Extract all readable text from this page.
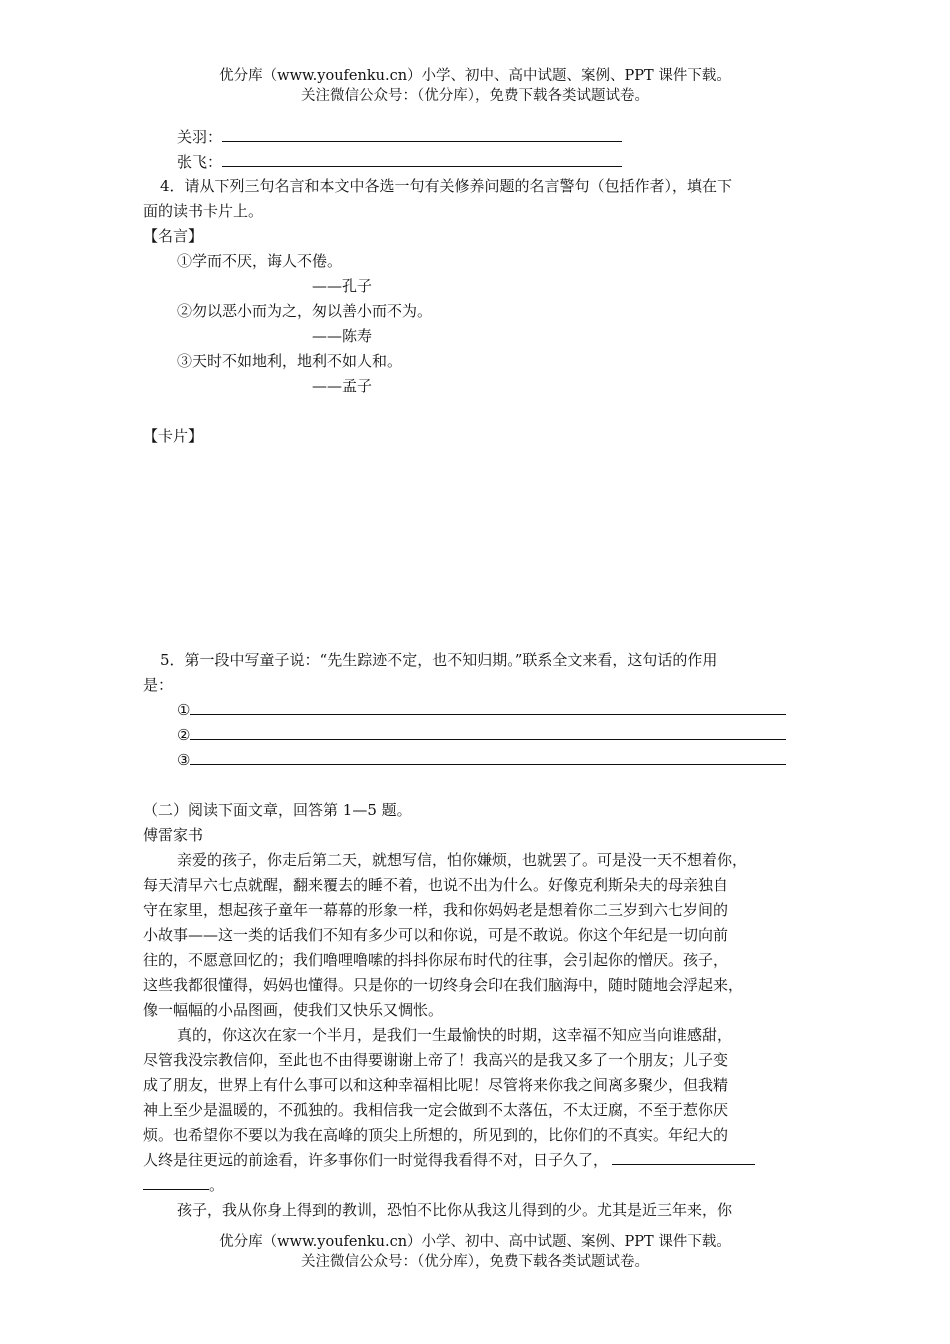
优分库（www.youfenku.cn）小学、初中、高中试题、案例、PPT 课件下载。
关注微信公众号：（优分库），免费下载各类试题试卷。
关羽：
张飞：
4．请从下列三句名言和本文中各选一句有关修养问题的名言警句（包括作者），填在下
面的读书卡片上。
【名言】
①学而不厌，诲人不倦。
——孔子
②勿以恶小而为之，匆以善小而不为。
——陈寿
③天时不如地利，地利不如人和。
——孟子
【卡片】
5．第一段中写童子说：“先生踪迹不定，也不知归期。”联系全文来看，这句话的作用
是：
①
②
③
（二）阅读下面文章，回答第 1—5 题。
傅雷家书
亲爱的孩子，你走后第二天，就想写信，怕你嫌烦，也就罢了。可是没一天不想着你，
每天清早六七点就醒，翻来覆去的睡不着，也说不出为什么。好像克利斯朵夫的母亲独自
守在家里，想起孩子童年一幕幕的形象一样，我和你妈妈老是想着你二三岁到六七岁间的
小故事——这一类的话我们不知有多少可以和你说，可是不敢说。你这个年纪是一切向前
往的，不愿意回忆的；我们噜哩噜嗦的抖抖你尿布时代的往事，会引起你的憎厌。孩子，
这些我都很懂得，妈妈也懂得。只是你的一切终身会印在我们脑海中，随时随地会浮起来，
像一幅幅的小品图画，使我们又快乐又惆怅。
真的，你这次在家一个半月，是我们一生最愉快的时期，这幸福不知应当向谁感甜，
尽管我没宗教信仰，至此也不由得要谢谢上帝了！我高兴的是我又多了一个朋友；儿子变
成了朋友，世界上有什么事可以和这种幸福相比呢！尽管将来你我之间离多聚少，但我精
神上至少是温暖的，不孤独的。我相信我一定会做到不太落伍，不太迂腐，不至于惹你厌
烦。也希望你不要以为我在高峰的顶尖上所想的，所见到的，比你们的不真实。年纪大的
人终是往更远的前途看，许多事你们一时觉得我看得不对，日子久了，
。
孩子，我从你身上得到的教训，恐怕不比你从我这儿得到的少。尤其是近三年来，你
优分库（www.youfenku.cn）小学、初中、高中试题、案例、PPT 课件下载。
关注微信公众号：（优分库），免费下载各类试题试卷。
